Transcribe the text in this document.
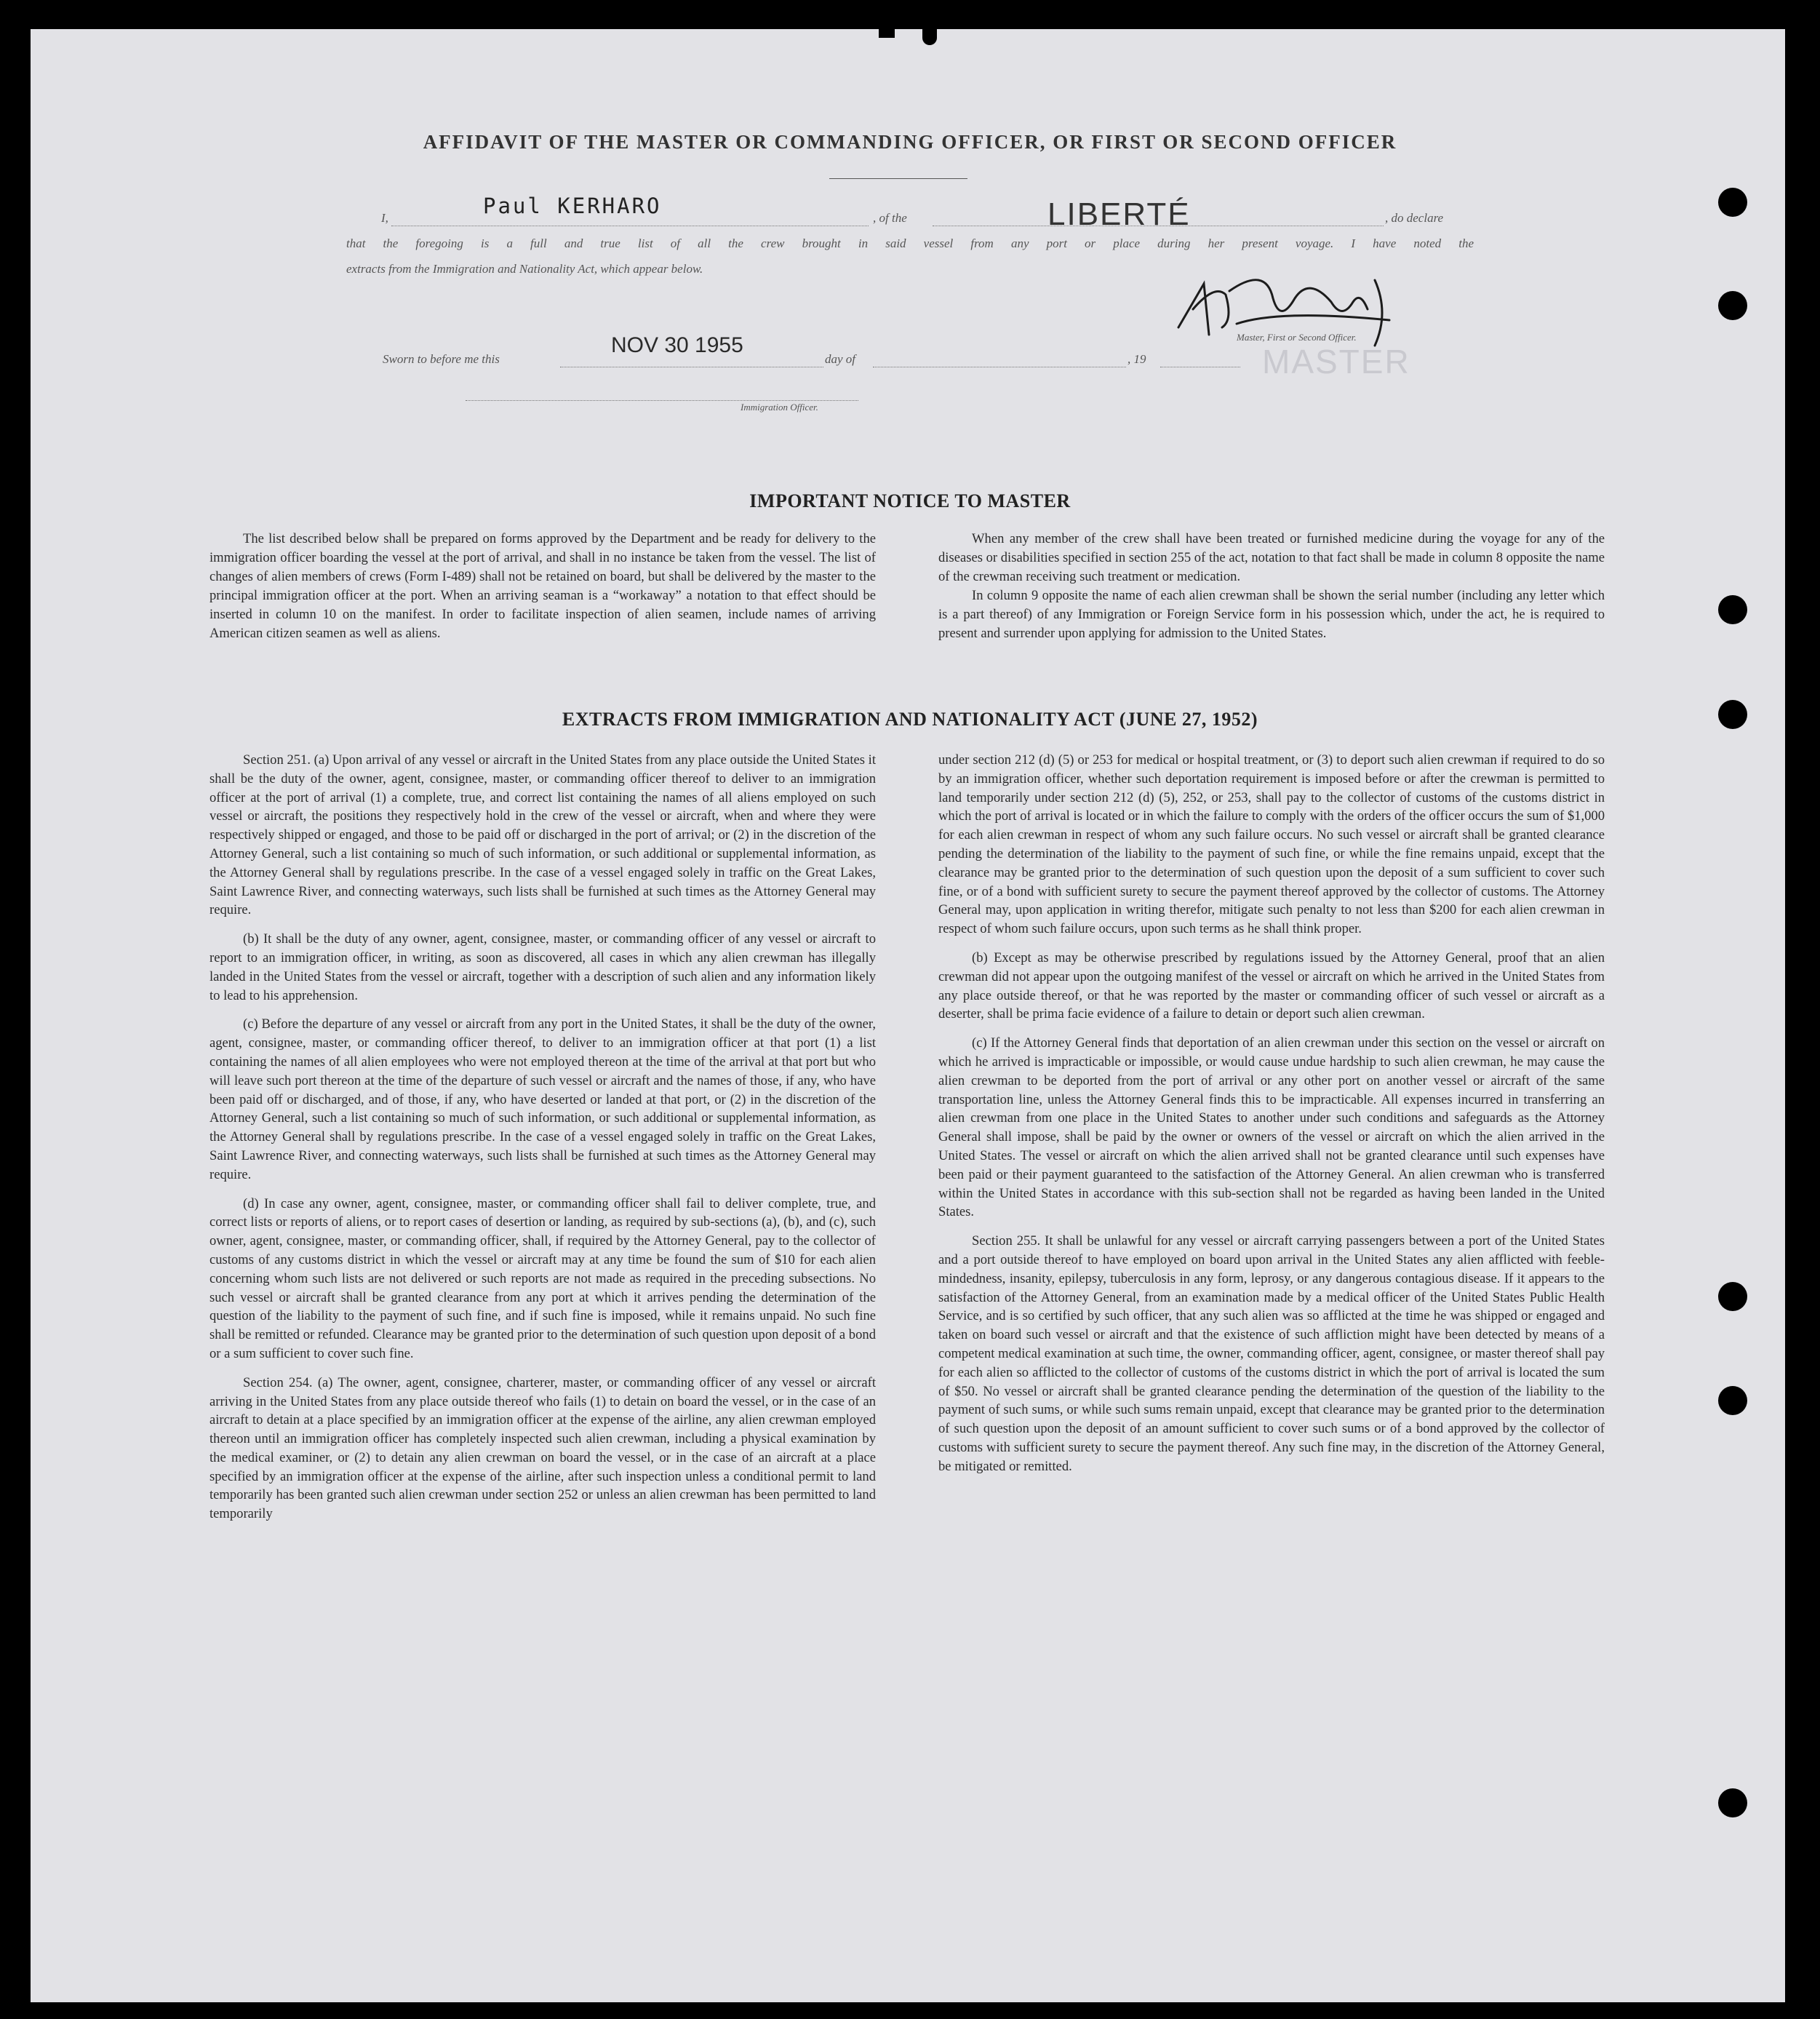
AFFIDAVIT OF THE MASTER OR COMMANDING OFFICER, OR FIRST OR SECOND OFFICER
I,	Paul KERHARO	, of the	LIBERTÉ	, do declare
that the foregoing is a full and true list of all the crew brought in said vessel from any port or place during her present voyage. I have noted the
extracts from the Immigration and Nationality Act, which appear below.
Master, First or Second Officer.
MASTER
Sworn to before me this
NOV 30 1955
day of	, 19
Immigration Officer.
IMPORTANT NOTICE TO MASTER

The list described below shall be prepared on forms approved by the Department and be ready for delivery to the immigration officer boarding the vessel at the port of arrival, and shall in no instance be taken from the vessel. The list of changes of alien members of crews (Form I-489) shall not be retained on board, but shall be delivered by the master to the principal immigration officer at the port. When an arriving seaman is a “workaway” a notation to that effect should be inserted in column 10 on the manifest. In order to facilitate inspection of alien seamen, include names of arriving American citizen seamen as well as aliens.

When any member of the crew shall have been treated or furnished medicine during the voyage for any of the diseases or disabilities specified in section 255 of the act, notation to that fact shall be made in column 8 opposite the name of the crewman receiving such treatment or medication.

In column 9 opposite the name of each alien crewman shall be shown the serial number (including any letter which is a part thereof) of any Immigration or Foreign Service form in his possession which, under the act, he is required to present and surrender upon applying for admission to the United States.

EXTRACTS FROM IMMIGRATION AND NATIONALITY ACT (JUNE 27, 1952)

Section 251. (a) Upon arrival of any vessel or aircraft in the United States from any place outside the United States it shall be the duty of the owner, agent, consignee, master, or commanding officer thereof to deliver to an immigration officer at the port of arrival (1) a complete, true, and correct list containing the names of all aliens employed on such vessel or aircraft, the positions they respectively hold in the crew of the vessel or aircraft, when and where they were respectively shipped or engaged, and those to be paid off or discharged in the port of arrival; or (2) in the discretion of the Attorney General, such a list containing so much of such information, or such additional or supplemental information, as the Attorney General shall by regulations prescribe. In the case of a vessel engaged solely in traffic on the Great Lakes, Saint Lawrence River, and connecting waterways, such lists shall be furnished at such times as the Attorney General may require.

(b) It shall be the duty of any owner, agent, consignee, master, or commanding officer of any vessel or aircraft to report to an immigration officer, in writing, as soon as discovered, all cases in which any alien crewman has illegally landed in the United States from the vessel or aircraft, together with a description of such alien and any information likely to lead to his apprehension.

(c) Before the departure of any vessel or aircraft from any port in the United States, it shall be the duty of the owner, agent, consignee, master, or commanding officer thereof, to deliver to an immigration officer at that port (1) a list containing the names of all alien employees who were not employed thereon at the time of the arrival at that port but who will leave such port thereon at the time of the departure of such vessel or aircraft and the names of those, if any, who have been paid off or discharged, and of those, if any, who have deserted or landed at that port, or (2) in the discretion of the Attorney General, such a list containing so much of such information, or such additional or supplemental information, as the Attorney General shall by regulations prescribe. In the case of a vessel engaged solely in traffic on the Great Lakes, Saint Lawrence River, and connecting waterways, such lists shall be furnished at such times as the Attorney General may require.

(d) In case any owner, agent, consignee, master, or commanding officer shall fail to deliver complete, true, and correct lists or reports of aliens, or to report cases of desertion or landing, as required by sub-sections (a), (b), and (c), such owner, agent, consignee, master, or commanding officer, shall, if required by the Attorney General, pay to the collector of customs of any customs district in which the vessel or aircraft may at any time be found the sum of $10 for each alien concerning whom such lists are not delivered or such reports are not made as required in the preceding subsections. No such vessel or aircraft shall be granted clearance from any port at which it arrives pending the determination of the question of the liability to the payment of such fine, and if such fine is imposed, while it remains unpaid. No such fine shall be remitted or refunded. Clearance may be granted prior to the determination of such question upon deposit of a bond or a sum sufficient to cover such fine.

Section 254. (a) The owner, agent, consignee, charterer, master, or commanding officer of any vessel or aircraft arriving in the United States from any place outside thereof who fails (1) to detain on board the vessel, or in the case of an aircraft to detain at a place specified by an immigration officer at the expense of the airline, any alien crewman employed thereon until an immigration officer has completely inspected such alien crewman, including a physical examination by the medical examiner, or (2) to detain any alien crewman on board the vessel, or in the case of an aircraft at a place specified by an immigration officer at the expense of the airline, after such inspection unless a conditional permit to land temporarily has been granted such alien crewman under section 252 or unless an alien crewman has been permitted to land temporarily

under section 212 (d) (5) or 253 for medical or hospital treatment, or (3) to deport such alien crewman if required to do so by an immigration officer, whether such deportation requirement is imposed before or after the crewman is permitted to land temporarily under section 212 (d) (5), 252, or 253, shall pay to the collector of customs of the customs district in which the port of arrival is located or in which the failure to comply with the orders of the officer occurs the sum of $1,000 for each alien crewman in respect of whom any such failure occurs. No such vessel or aircraft shall be granted clearance pending the determination of the liability to the payment of such fine, or while the fine remains unpaid, except that the clearance may be granted prior to the determination of such question upon the deposit of a sum sufficient to cover such fine, or of a bond with sufficient surety to secure the payment thereof approved by the collector of customs. The Attorney General may, upon application in writing therefor, mitigate such penalty to not less than $200 for each alien crewman in respect of whom such failure occurs, upon such terms as he shall think proper.

(b) Except as may be otherwise prescribed by regulations issued by the Attorney General, proof that an alien crewman did not appear upon the outgoing manifest of the vessel or aircraft on which he arrived in the United States from any place outside thereof, or that he was reported by the master or commanding officer of such vessel or aircraft as a deserter, shall be prima facie evidence of a failure to detain or deport such alien crewman.

(c) If the Attorney General finds that deportation of an alien crewman under this section on the vessel or aircraft on which he arrived is impracticable or impossible, or would cause undue hardship to such alien crewman, he may cause the alien crewman to be deported from the port of arrival or any other port on another vessel or aircraft of the same transportation line, unless the Attorney General finds this to be impracticable. All expenses incurred in transferring an alien crewman from one place in the United States to another under such conditions and safeguards as the Attorney General shall impose, shall be paid by the owner or owners of the vessel or aircraft on which the alien arrived in the United States. The vessel or aircraft on which the alien arrived shall not be granted clearance until such expenses have been paid or their payment guaranteed to the satisfaction of the Attorney General. An alien crewman who is transferred within the United States in accordance with this sub-section shall not be regarded as having been landed in the United States.

Section 255. It shall be unlawful for any vessel or aircraft carrying passengers between a port of the United States and a port outside thereof to have employed on board upon arrival in the United States any alien afflicted with feeble-mindedness, insanity, epilepsy, tuberculosis in any form, leprosy, or any dangerous contagious disease. If it appears to the satisfaction of the Attorney General, from an examination made by a medical officer of the United States Public Health Service, and is so certified by such officer, that any such alien was so afflicted at the time he was shipped or engaged and taken on board such vessel or aircraft and that the existence of such affliction might have been detected by means of a competent medical examination at such time, the owner, commanding officer, agent, consignee, or master thereof shall pay for each alien so afflicted to the collector of customs of the customs district in which the port of arrival is located the sum of $50. No vessel or aircraft shall be granted clearance pending the determination of the question of the liability to the payment of such sums, or while such sums remain unpaid, except that clearance may be granted prior to the determination of such question upon the deposit of an amount sufficient to cover such sums or of a bond approved by the collector of customs with sufficient surety to secure the payment thereof. Any such fine may, in the discretion of the Attorney General, be mitigated or remitted.
